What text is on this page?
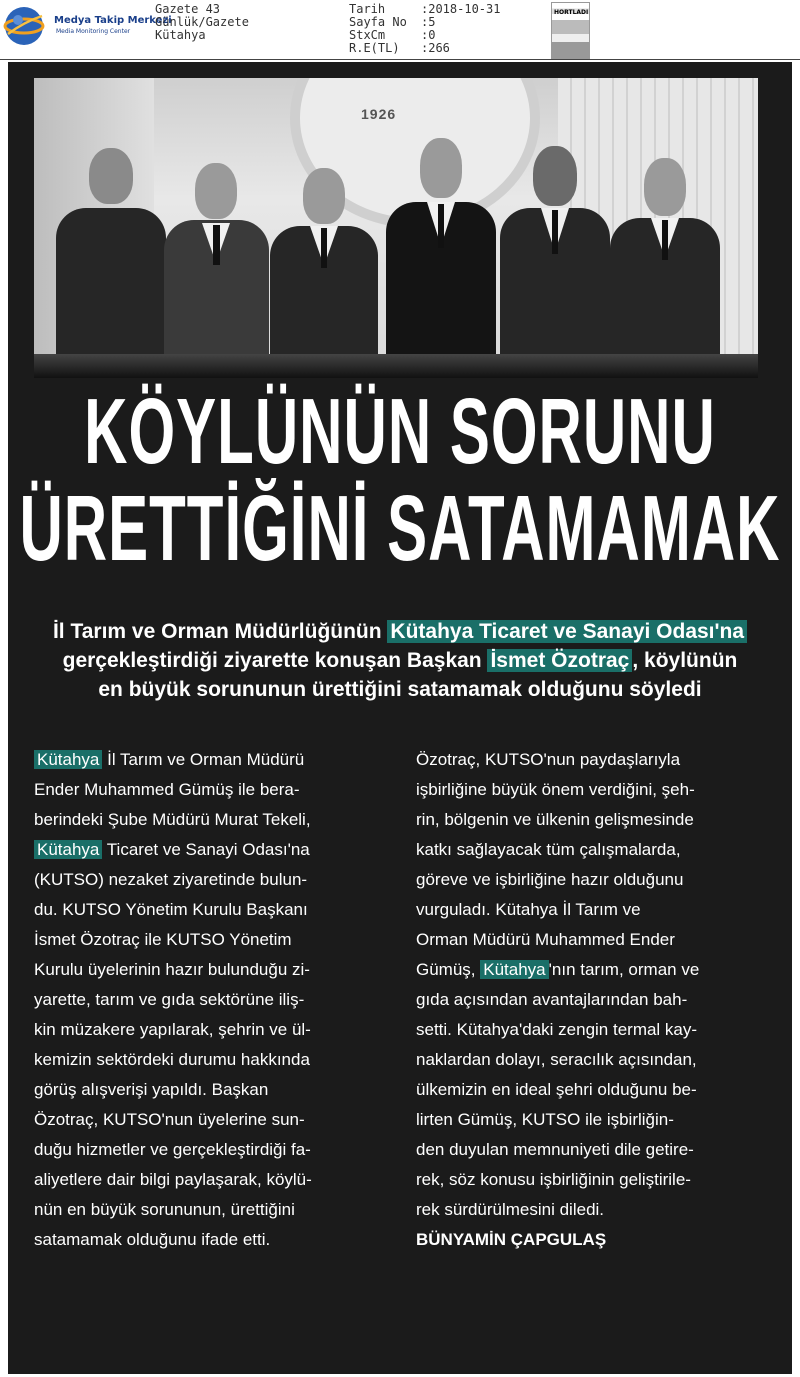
Medya Takip Merkezi
Media Monitoring Center
Gazete 43
Günlük/Gazete
Kütahya
Tarih	:2018-10-31
Sayfa No	:5
StxCm	:0
R.E(TL)	:266
HORTLADI
1926
KÖYLÜNÜN SORUNU
ÜRETTİĞİNİ SATAMAMAK
İl Tarım ve Orman Müdürlüğünün Kütahya Ticaret ve Sanayi Odası'na
gerçekleştirdiği ziyarette konuşan Başkan İsmet Özotraç , köylünün
en büyük sorununun ürettiğini satamamak olduğunu söyledi
Kütahya İl Tarım ve Orman Müdürü
Ender Muhammed Gümüş ile bera-
berindeki Şube Müdürü Murat Tekeli,
Kütahya Ticaret ve Sanayi Odası'na
(KUTSO) nezaket ziyaretinde bulun-
du. KUTSO Yönetim Kurulu Başkanı
İsmet Özotraç ile KUTSO Yönetim
Kurulu üyelerinin hazır bulunduğu zi-
yarette, tarım ve gıda sektörüne iliş-
kin müzakere yapılarak, şehrin ve ül-
kemizin sektördeki durumu hakkında
görüş alışverişi yapıldı. Başkan
Özotraç, KUTSO'nun üyelerine sun-
duğu hizmetler ve gerçekleştirdiği fa-
aliyetlere dair bilgi paylaşarak, köylü-
nün en büyük sorununun, ürettiğini
satamamak olduğunu ifade etti.
Özotraç, KUTSO'nun paydaşlarıyla
işbirliğine büyük önem verdiğini, şeh-
rin, bölgenin ve ülkenin gelişmesinde
katkı sağlayacak tüm çalışmalarda,
göreve ve işbirliğine hazır olduğunu
vurguladı. Kütahya İl Tarım ve
Orman Müdürü Muhammed Ender
Gümüş, Kütahya 'nın tarım, orman ve
gıda açısından avantajlarından bah-
setti. Kütahya'daki zengin termal kay-
naklardan dolayı, seracılık açısından,
ülkemizin en ideal şehri olduğunu be-
lirten Gümüş, KUTSO ile işbirliğin-
den duyulan memnuniyeti dile getire-
rek, söz konusu işbirliğinin geliştirile-
rek sürdürülmesini diledi.
BÜNYAMİN ÇAPGULAŞ
